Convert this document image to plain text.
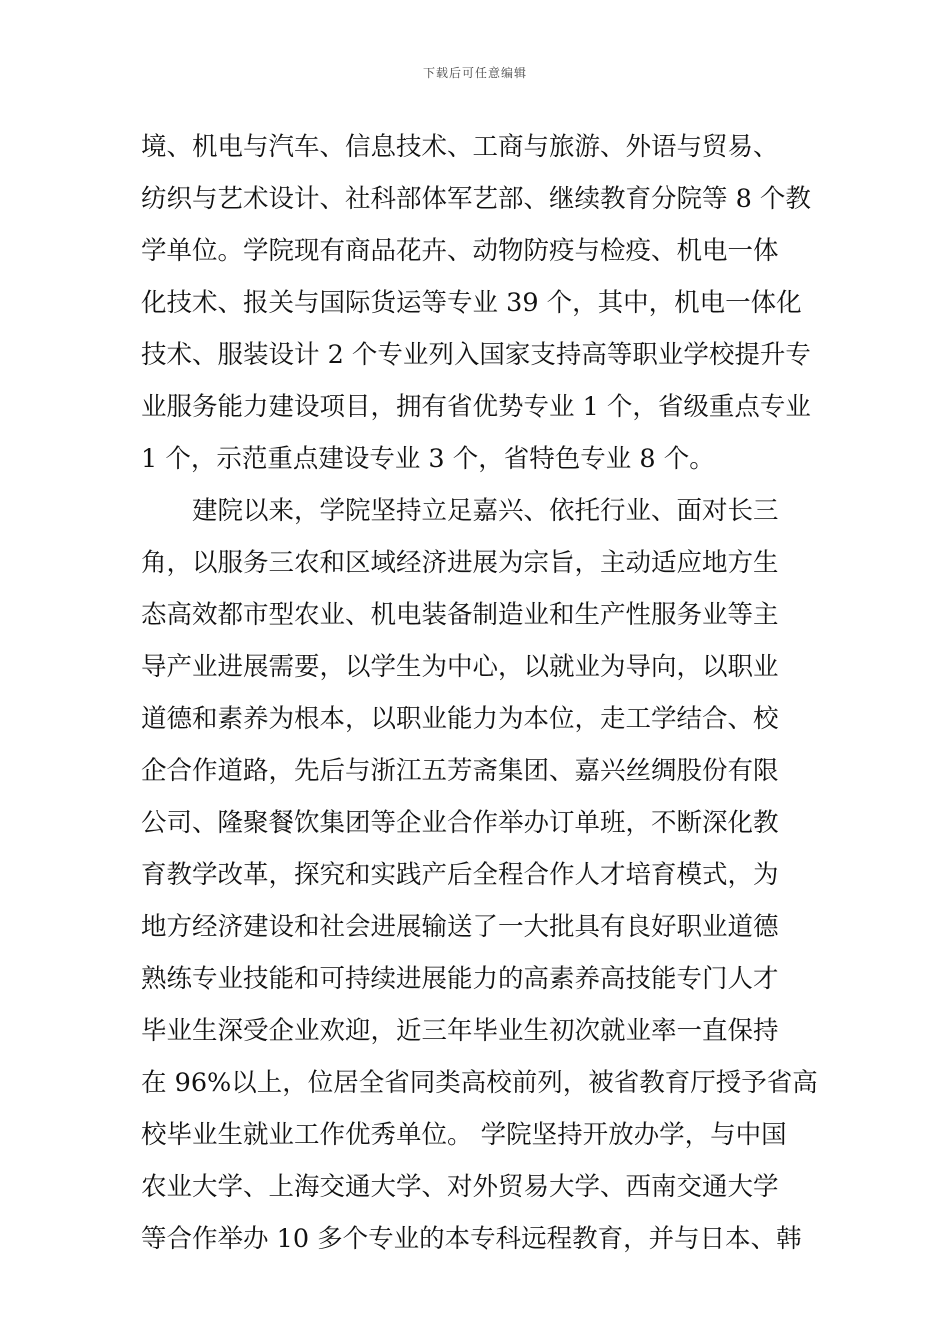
下载后可任意编辑
境、机电与汽车、信息技术、工商与旅游、外语与贸易、
纺织与艺术设计、社科部体军艺部、继续教育分院等 8 个教
学单位。学院现有商品花卉、动物防疫与检疫、机电一体
化技术、报关与国际货运等专业 39 个，其中，机电一体化
技术、服装设计 2 个专业列入国家支持高等职业学校提升专
业服务能力建设项目，拥有省优势专业 1 个，省级重点专业
1 个，示范重点建设专业 3 个，省特色专业 8 个。
　　建院以来，学院坚持立足嘉兴、依托行业、面对长三
角，以服务三农和区域经济进展为宗旨，主动适应地方生
态高效都市型农业、机电装备制造业和生产性服务业等主
导产业进展需要，以学生为中心，以就业为导向，以职业
道德和素养为根本，以职业能力为本位，走工学结合、校
企合作道路，先后与浙江五芳斋集团、嘉兴丝绸股份有限
公司、隆聚餐饮集团等企业合作举办订单班，不断深化教
育教学改革，探究和实践产后全程合作人才培育模式，为
地方经济建设和社会进展输送了一大批具有良好职业道德
熟练专业技能和可持续进展能力的高素养高技能专门人才
毕业生深受企业欢迎，近三年毕业生初次就业率一直保持
在 96%以上，位居全省同类高校前列，被省教育厅授予省高
校毕业生就业工作优秀单位。 学院坚持开放办学，与中国
农业大学、上海交通大学、对外贸易大学、西南交通大学
等合作举办 10 多个专业的本专科远程教育，并与日本、韩
